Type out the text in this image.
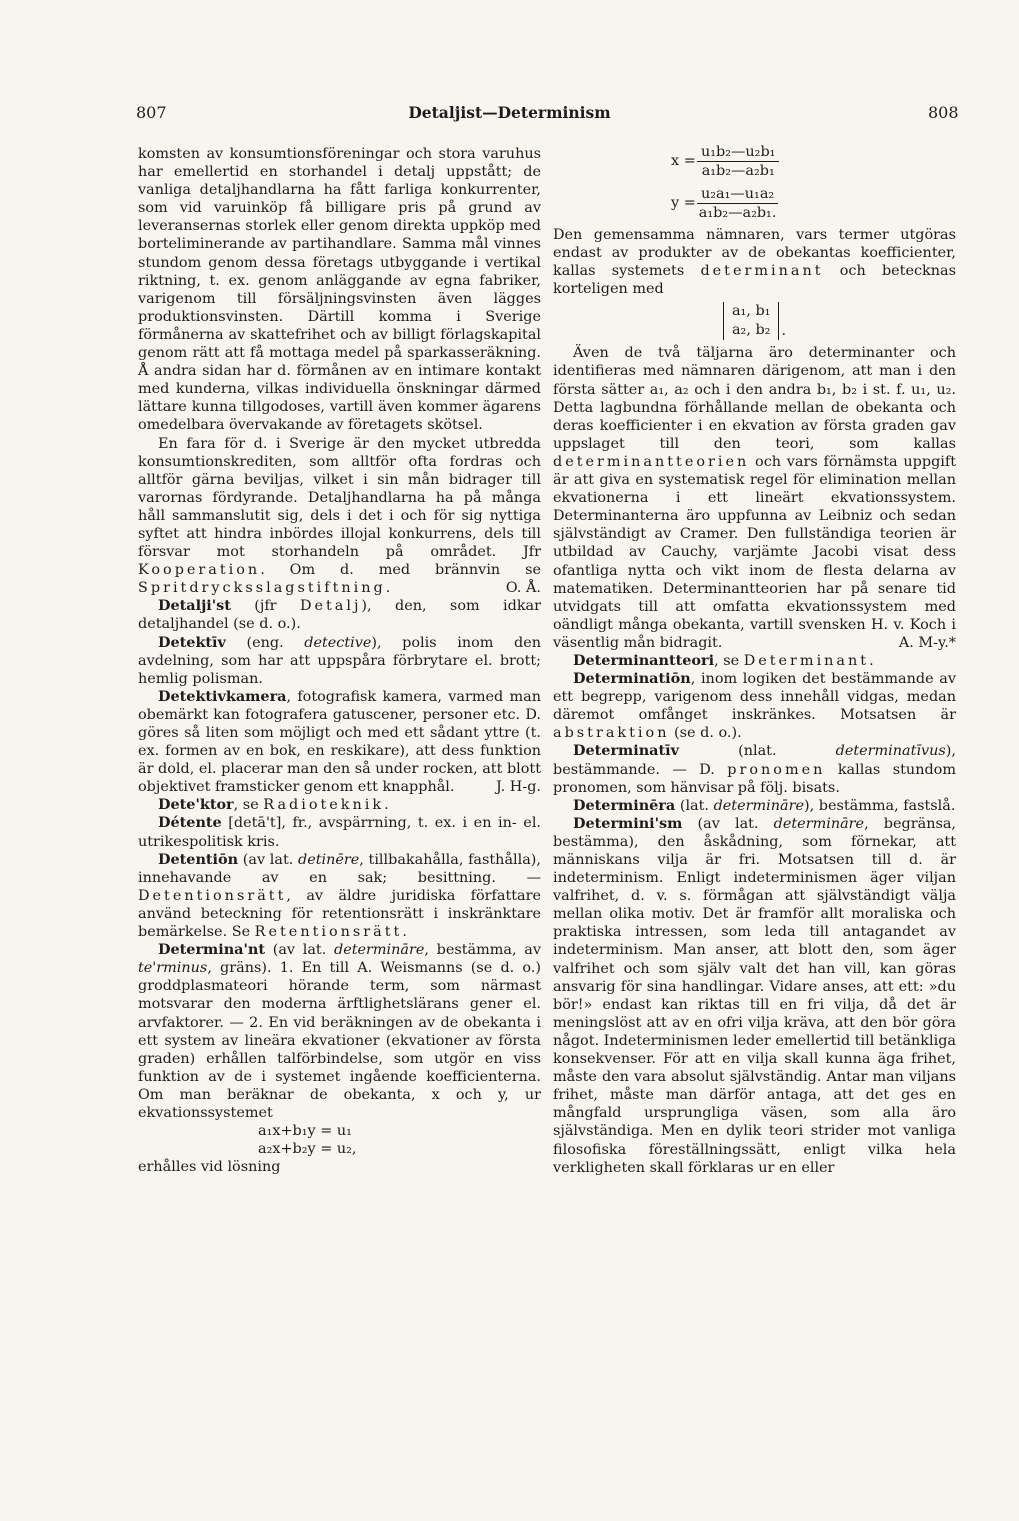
807	Detaljist—Determinism	808

komsten av konsumtionsföreningar och stora varuhus har emellertid en storhandel i detalj uppstått; de vanliga detaljhandlarna ha fått farliga konkurrenter, som vid varuinköp få billigare pris på grund av leveransernas storlek eller genom direkta uppköp med borteliminerande av partihandlare. Samma mål vinnes stundom genom dessa företags utbyggande i vertikal riktning, t. ex. genom anläggande av egna fabriker, varigenom till försäljningsvinsten även lägges produktionsvinsten. Därtill komma i Sverige förmånerna av skattefrihet och av billigt förlagskapital genom rätt att få mottaga medel på sparkasseräkning. Å andra sidan har d. förmånen av en intimare kontakt med kunderna, vilkas individuella önskningar därmed lättare kunna tillgodoses, vartill även kommer ägarens omedelbara övervakande av företagets skötsel.

En fara för d. i Sverige är den mycket utbredda konsumtionskrediten, som alltför ofta fordras och alltför gärna beviljas, vilket i sin mån bidrager till varornas fördyrande. Detaljhandlarna ha på många håll sammanslutit sig, dels i det i och för sig nyttiga syftet att hindra inbördes illojal konkurrens, dels till försvar mot storhandeln på området. Jfr Kooperation. Om d. med brännvin se Spritdrycksslagstiftning.	O. Å.

Detalji'st (jfr Detalj), den, som idkar detaljhandel (se d. o.).

Detektīv (eng. detective), polis inom den avdelning, som har att uppspåra förbrytare el. brott; hemlig polisman.

Detektivkamera, fotografisk kamera, varmed man obemärkt kan fotografera gatuscener, personer etc. D. göres så liten som möjligt och med ett sådant yttre (t. ex. formen av en bok, en reskikare), att dess funktion är dold, el. placerar man den så under rocken, att blott objektivet framsticker genom ett knapphål.	J. H-g.

Dete'ktor, se Radioteknik.

Détente [detā't], fr., avspärrning, t. ex. i en in- el. utrikespolitisk kris.

Detentiōn (av lat. detinēre, tillbakahålla, fasthålla), innehavande av en sak; besittning. — Detentionsrätt, av äldre juridiska författare använd beteckning för retentionsrätt i inskränktare bemärkelse. Se Retentionsrätt.

Determina'nt (av lat. determināre, bestämma, av te'rminus, gräns). 1. En till A. Weismanns (se d. o.) groddplasmateori hörande term, som närmast motsvarar den moderna ärftlighetslärans gener el. arvfaktorer. — 2. En vid beräkningen av de obekanta i ett system av lineära ekvationer (ekvationer av första graden) erhållen talförbindelse, som utgör en viss funktion av de i systemet ingående koefficienterna. Om man beräknar de obekanta, x och y, ur ekvationssystemet

a₁x+b₁y = u₁
a₂x+b₂y = u₂,

erhålles vid lösning

$x = \frac{\text{u₁b₂—u₂b₁}}{\text{a₁b₂—a₂b₁}}$
$y = \frac{\text{u₂a₁—u₁a₂}}{\text{a₁b₂—a₂b₁.}}$

Den gemensamma nämnaren, vars termer utgöras endast av produkter av de obekantas koefficienter, kallas systemets determinant och betecknas korteligen med

a₁, b₁
a₂, b₂ .

Även de två täljarna äro determinanter och identifieras med nämnaren därigenom, att man i den första sätter a₁, a₂ och i den andra b₁, b₂ i st. f. u₁, u₂. Detta lagbundna förhållande mellan de obekanta och deras koefficienter i en ekvation av första graden gav uppslaget till den teori, som kallas determinantteorien och vars förnämsta uppgift är att giva en systematisk regel för elimination mellan ekvationerna i ett lineärt ekvationssystem. Determinanterna äro uppfunna av Leibniz och sedan självständigt av Cramer. Den fullständiga teorien är utbildad av Cauchy, varjämte Jacobi visat dess ofantliga nytta och vikt inom de flesta delarna av matematiken. Determinantteorien har på senare tid utvidgats till att omfatta ekvationssystem med oändligt många obekanta, vartill svensken H. v. Koch i väsentlig mån bidragit.	A. M-y.*

Determinantteori, se Determinant.

Determinatiōn, inom logiken det bestämmande av ett begrepp, varigenom dess innehåll vidgas, medan däremot omfånget inskränkes. Motsatsen är abstraktion (se d. o.).

Determinatīv (nlat. determinatīvus), bestämmande. — D. pronomen kallas stundom pronomen, som hänvisar på följ. bisats.

Determinēra (lat. determināre), bestämma, fastslå.

Determini'sm (av lat. determināre, begränsa, bestämma), den åskådning, som förnekar, att människans vilja är fri. Motsatsen till d. är indeterminism. Enligt indeterminismen äger viljan valfrihet, d. v. s. förmågan att självständigt välja mellan olika motiv. Det är framför allt moraliska och praktiska intressen, som leda till antagandet av indeterminism. Man anser, att blott den, som äger valfrihet och som själv valt det han vill, kan göras ansvarig för sina handlingar. Vidare anses, att ett: »du bör!» endast kan riktas till en fri vilja, då det är meningslöst att av en ofri vilja kräva, att den bör göra något. Indeterminismen leder emellertid till betänkliga konsekvenser. För att en vilja skall kunna äga frihet, måste den vara absolut självständig. Antar man viljans frihet, måste man därför antaga, att det ges en mångfald ursprungliga väsen, som alla äro självständiga. Men en dylik teori strider mot vanliga filosofiska föreställningssätt, enligt vilka hela verkligheten skall förklaras ur en eller
